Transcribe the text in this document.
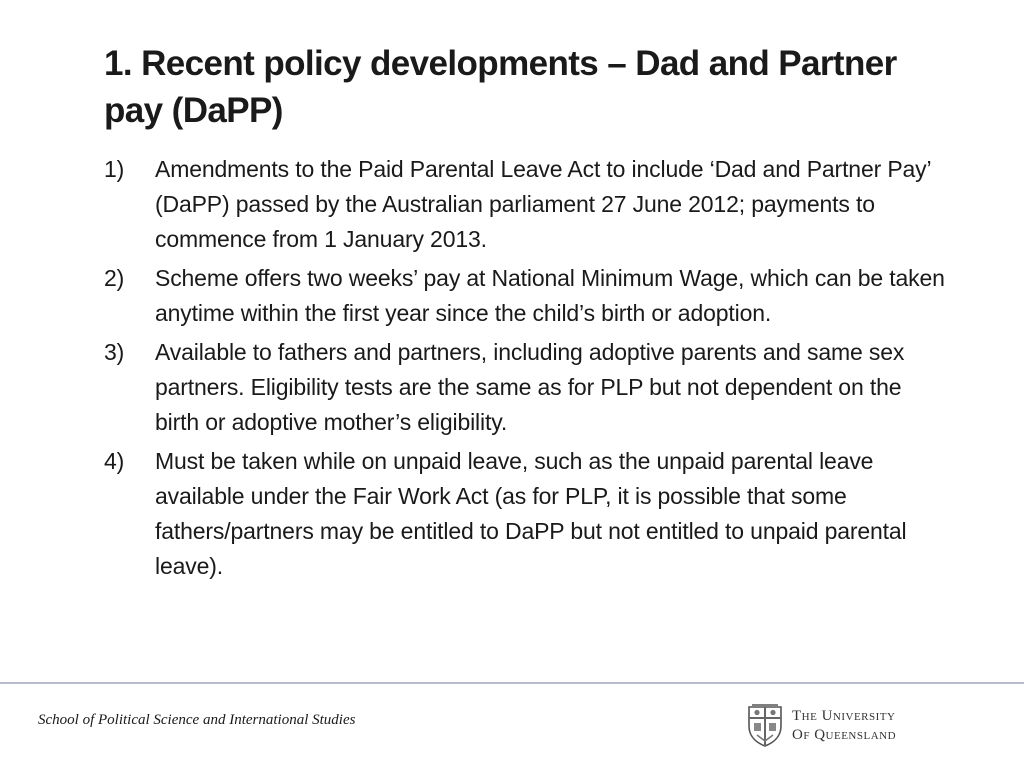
1. Recent policy developments – Dad and Partner pay (DaPP)
1) Amendments to the Paid Parental Leave Act to include ‘Dad and Partner Pay’ (DaPP) passed by the Australian parliament 27 June 2012; payments to commence from 1 January 2013.
2) Scheme offers two weeks’ pay at National Minimum Wage, which can be taken anytime within the first year since the child’s birth or adoption.
3) Available to fathers and partners, including adoptive parents and same sex partners. Eligibility tests are the same as for PLP but not dependent on the birth or adoptive mother’s eligibility.
4) Must be taken while on unpaid leave, such as the unpaid parental leave available under the Fair Work Act (as for PLP, it is possible that some fathers/partners may be entitled to DaPP but not entitled to unpaid parental leave).
School of Political Science and International Studies	The University
Of Queensland
